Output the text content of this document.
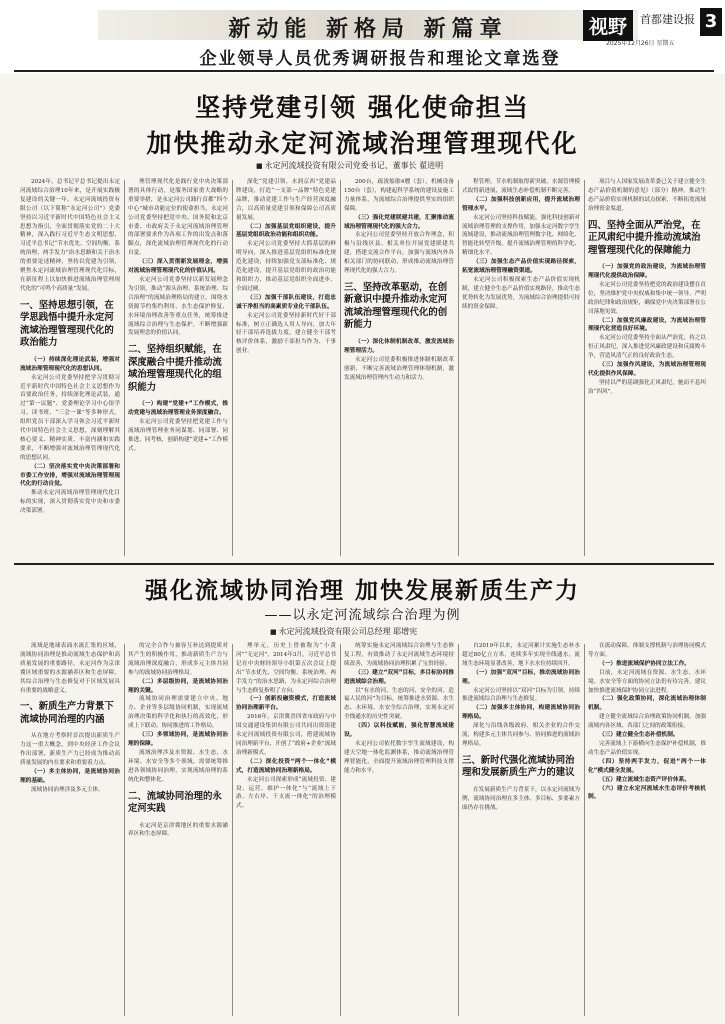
新动能 新格局 新篇章
企业领导人员优秀调研报告和理论文章选登
视野	首都建设报
2025年12月26日 星期五
3
坚持党建引领 强化使命担当
加快推动永定河流域治理管理现代化
■ 永定河流域投资有限公司党委书记、董事长 翟进明

2024年，总书记平总书记提出永定河流域综合治理10年来，是开展实践极复建设的关键一年。永定河流域投资有限公司（以下简称“永定河公司”）党委坚持以习近平新时代中国特色社会主义思想为指引，全面贯彻落实党的二十大精神，深入践行习近平生态文明思想、习近平总书记“节水优先、空间均衡、系统治理、两手发力”治水思路和关于治水的重要论述精神，坚持以党建为引领，聚焦永定河流域治理管理现代化目标，在新征程上以加快推进流域治理管理现代化的“可鸣个高质量”发展。

一、坚持思想引领，在学思践悟中提升永定河流域治理管理现代化的政治能力

（一）持续深化理论武装，增强对流域治理管理现代化的思想认同。

永定河公司党委坚持把学习贯彻习近平新时代中国特色社会主义思想作为首要政治任务，持续深化理论武装，通过“第一议题”、党委理论学习中心组学习、读书班、“三会一课”等多种形式，组织党员干部深入学习领会习近平新时代中国特色社会主义思想，深刻理解其核心要义、精神实质、丰富内涵和实践要求，不断增强对流域治理管理现代化的思想认同。

（二）坚决落实党中央决策部署和市委工作安排，增强对流域治理管理现代化的行动自觉。

推动永定河流域治理管理现代化目标的实现，深入贯彻落实党中央和市委决策部署。

理管理现代化是践行党中央决策部署的具体行动，是服务国家重大战略的重要举措，是永定河公司践行首都“四个中心”城市功能定位的使命担当。永定河公司党委坚持把党中央、国务院和北京市委、市政府关于永定河流域治理管理的部署要求作为各项工作的出发点和落脚点，深化流域治理管理现代化的行动自觉。

（三）深入贯彻新发展理念，增强对流域治理管理现代化的价值认同。

永定河公司党委坚持以新发展理念为引领，推动“源头治理、系统治理、综合治理”的流域治理格局的建立。围绕水资源节约集约利用、水生态保护修复、水环境治理改善等重点任务，统筹推进流域综合治理与生态保护，不断增强新发展理念的价值认同。

二、坚持组织赋能，在深度融合中提升推动流域治理管理现代化的组织能力

（一）构建“党建+”工作模式，推动党建与流域治理管理业务深度融合。

永定河公司党委坚持把党建工作与流域治理管理业务同谋划、同部署、同推进、同考核，创新构建“党建+”工作模式。

深化“党建引领、水润京西”党建品牌建设，打造“一支部一品牌”特色党建品牌，推动党建工作与生产经营深度融合，以高质量党建引领和保障公司高质量发展。

（二）加强基层党组织建设，提升基层党组织政治功能和组织功能。

永定河公司党委坚持大抓基层的鲜明导向，深入推进基层党组织标准化规范化建设，持续加强党支部标准化、规范化建设，提升基层党组织的政治功能和组织力，推动基层党组织全面进步、全面过硬。

（三）加强干部队伍建设，打造忠诚干净担当的高素质专业化干部队伍。

永定河公司党委坚持新时代好干部标准，树立正确选人用人导向，加大年轻干部培养选拔力度，建立健全干部考核评价体系，激励干部担当作为、干事创业。

200台，疏浚船舶4艘（套），机械设备150台（套），构建起科学系统的建设及施工力量体系，为流域综合治理提供坚实的组织保障。

（三）强化党建联建共建，汇聚推动流域治理管理现代化的强大合力。

永定河公司党委坚持开放合作理念，积极与沿线区县、相关单位开展党建联建共建，搭建交流合作平台，加强与流域内外各相关部门的协同联动，形成推动流域治理管理现代化的强大合力。

三、坚持改革驱动，在创新意识中提升推动永定河流域治理管理现代化的创新能力

（一）深化体制机制改革，激发流域治理管理活力。

永定河公司党委积极推进体制机制改革创新，不断完善流域治理管理体制机制，激发流域治理管理内生动力和活力。

程管理。节水机制取得新突破，水源管理模式取得新进展，流域生态补偿机制不断完善。

（二）加强科技创新应用，提升流域治理管理水平。

永定河公司坚持科技赋能，强化科技创新对流域治理管理的支撑作用，加强永定河数字孪生流域建设，推动流域治理管理数字化、网络化、智能化转型升级，提升流域治理管理的科学化、精细化水平。

（三）加强生态产品价值实现路径探索，拓宽流域治理管理融资渠道。

永定河公司积极探索生态产品价值实现机制，建立健全生态产品价值实现路径，推动生态优势转化为发展优势，为流域综合治理提供可持续的资金保障。

项目与人国家发展改革委已关于建立健全生态产品价值机制的意见》（部分）精神，推动生态产品价值实现机制的试点探索，不断拓宽流域治理资金渠道。

四、坚持全面从严治党，在正风肃纪中提升推动流域治理管理现代化的保障能力

（一）加强党的政治建设，为流域治理管理现代化提供政治保障。

永定河公司党委坚持把党的政治建设摆在首位，坚决维护党中央权威和集中统一领导，严明政治纪律和政治规矩，确保党中央决策部署在公司落地见效。

（二）加强党风廉政建设，为流域治理管理现代化营造良好环境。

永定河公司党委坚持全面从严治党，持之以恒正风肃纪，深入推进党风廉政建设和反腐败斗争，营造风清气正的良好政治生态。

（三）加强作风建设，为流域治理管理现代化提供作风保障。

坚持以严的基调强化正风肃纪，驰而不息纠治“四风”。

强化流域协同治理 加快发展新质生产力
——以永定河流域综合治理为例
■ 永定河流域投资有限公司总经理 耶增宪

流域是地球表面水流汇集的区域，流域协同治理是推动流域生态保护和高质量发展的重要路径。永定河作为京津冀区域重要的水源涵养区和生态屏障，其综合治理与生态修复对于区域发展具有重要的战略意义。

一、新质生产力背景下流域协同治理的内涵

从在地方考察时首次提出新质生产力这一重大概念，到中央经济工作会议作出部署，新质生产力已经成为推动高质量发展的内在要求和重要着力点。

（一）多主体协同，是流域协同治理的基础。

流域协同治理涉及多元主体。

的完全合作与兼容互补达到提质对其产生的积极作用，推动新质生产力与流域治理深度融合，形成多元主体共同参与的流域协同治理格局。

（二）多层级协同，是流域协同治理的关键。

流域协同治理需要建立中央、地方、企业等多层级协同机制，实现流域治理决策的科学化和执行的高效化，形成上下联动、协同推进的工作格局。

（三）多领域协同，是流域协同治理的保障。

流域治理涉及水资源、水生态、水环境、水安全等多个领域，需要统筹推进各领域协同治理，实现流域治理的系统化和整体化。

二、流域协同治理的永定河实践

永定河是京津冀地区的重要水源涵养区和生态屏障。

理单元，历史上曾被称为“小黄河”“无定河”。2014年3月，习近平总书记在中央财经领导小组第五次会议上提出“节水优先、空间均衡、系统治理、两手发力”的治水思路，为永定河综合治理与生态修复指明了方向。

（一）创新投融资模式，打造流域协同治理新平台。

2016年，京津冀晋四省市政府与中国交通建设集团有限公司共同出资组建永定河流域投资有限公司，搭建流域协同治理新平台，开创了“政府+企业”流域治理新模式。

（二）深化投资“两个一体化”模式，打造流域协同治理新格局。

永定河公司探索形成“流域投资、建设、运营、维护一体化”与“流域上下游、左右岸、干支流一体化”的治理模式。

统筹实施永定河流域综合治理与生态修复工程，有效推动了永定河流域生态环境持续改善，为流域协同治理积累了宝贵经验。

（三）建立“双河”目标，多目标协同推进流域综合治理。

以“有水的河、生态的河、安全的河、造福人民的河”为目标，统筹推进水资源、水生态、水环境、水安全综合治理，实现永定河全线通水的历史性突破。

（四）以科技赋能，强化智慧流域建设。

永定河公司依托数字孪生流域建设，构建天空地一体化监测体系，推动流域治理管理智能化，全面提升流域治理管理科技支撑能力和水平。

自2019年以来，永定河累计实施生态补水超过80亿立方米，连续多年实现全线通水，流域生态环境显著改善，地下水水位持续回升。

（一）加强“双河”目标，推动流域协同治理。

永定河公司坚持以“双河”目标为引领，持续推进流域综合治理与生态修复。

（二）加强多主体协同，构建流域协同治理格局。

深化与沿线各级政府、相关企业的合作交流，构建多元主体共同参与、协同推进的流域治理格局。

三、新时代强化流域协同治理和发展新质生产力的建议

在发展新质生产力背景下，以永定河流域为例，流域协同治理在多主体、多目标、多要素方面仍存在挑战。

在流动保障，体制支撑机制与治理协同模式等方面。

（一）推进流域保护协同立法工作。

目前，永定河流域在资源、水生态、水环境、水安全等方面的协同立法仍有待完善，建议加快推进流域保护协同立法进程。

（二）强化政策协同，深化流域治理体制机制。

建立健全流域综合治理政策协同机制，加强流域内各区域、各部门之间的政策衔接。

（三）建立健全生态补偿机制。

完善流域上下游横向生态保护补偿机制，推动生态产品价值实现。

（四）坚持两手发力，促进“两个一体化”模式健全发展。

（五）建立流域生态资产评价体系。

（六）建立永定河流域水生态评价考核机制。
